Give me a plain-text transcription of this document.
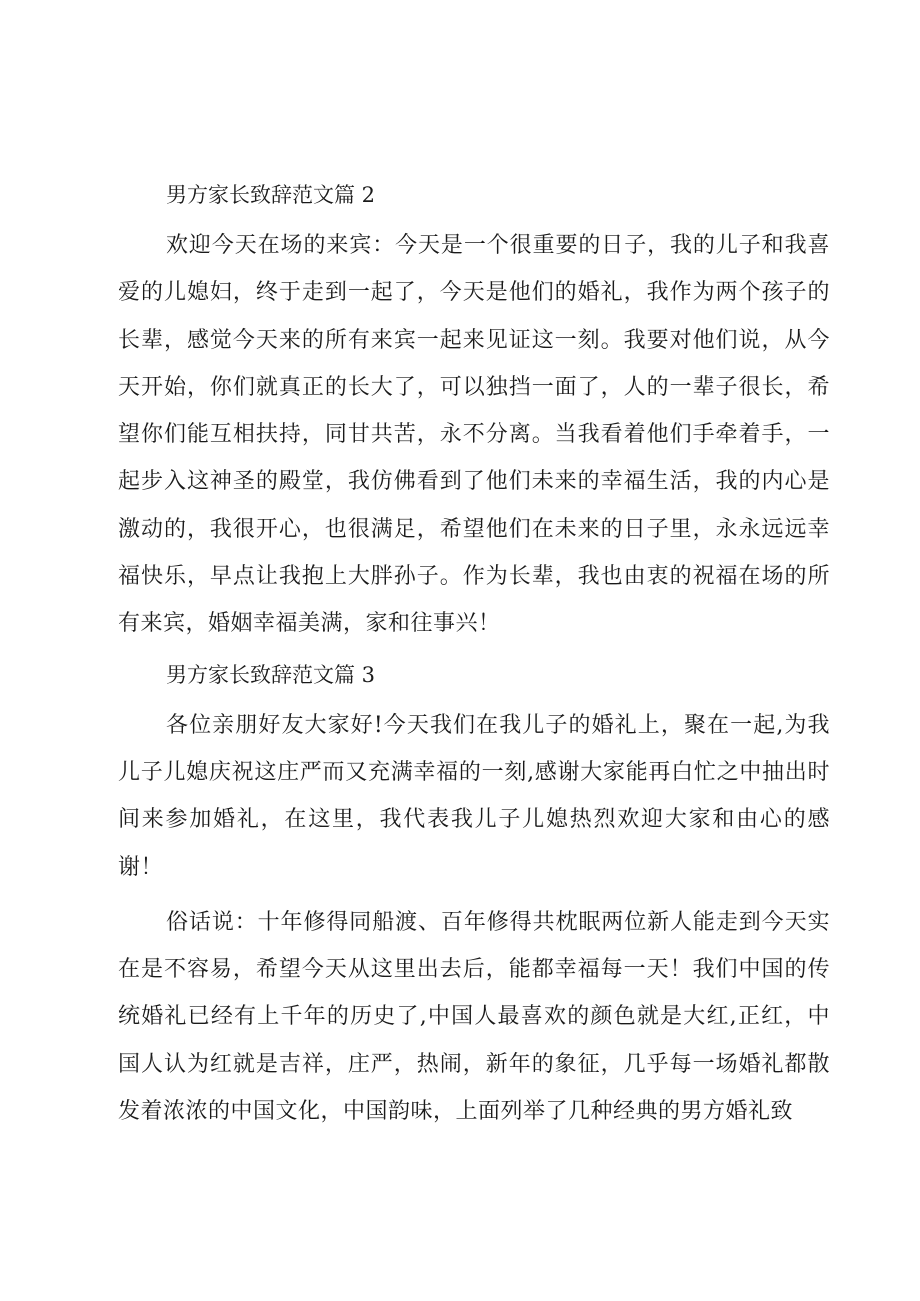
男方家长致辞范文篇 2

欢迎今天在场的来宾：今天是一个很重要的日子，我的儿子和我喜爱的儿媳妇，终于走到一起了，今天是他们的婚礼，我作为两个孩子的长辈，感觉今天来的所有来宾一起来见证这一刻。我要对他们说，从今天开始，你们就真正的长大了，可以独挡一面了，人的一辈子很长，希望你们能互相扶持，同甘共苦，永不分离。当我看着他们手牵着手，一起步入这神圣的殿堂，我仿佛看到了他们未来的幸福生活，我的内心是激动的，我很开心，也很满足，希望他们在未来的日子里，永永远远幸福快乐，早点让我抱上大胖孙子。作为长辈，我也由衷的祝福在场的所有来宾，婚姻幸福美满，家和往事兴！

男方家长致辞范文篇 3

各位亲朋好友大家好!今天我们在我儿子的婚礼上，聚在一起,为我儿子儿媳庆祝这庄严而又充满幸福的一刻,感谢大家能再白忙之中抽出时间来参加婚礼，在这里，我代表我儿子儿媳热烈欢迎大家和由心的感谢！

俗话说：十年修得同船渡、百年修得共枕眠两位新人能走到今天实在是不容易，希望今天从这里出去后，能都幸福每一天！我们中国的传统婚礼已经有上千年的历史了,中国人最喜欢的颜色就是大红,正红，中国人认为红就是吉祥，庄严，热闹，新年的象征，几乎每一场婚礼都散发着浓浓的中国文化，中国韵味，上面列举了几种经典的男方婚礼致
